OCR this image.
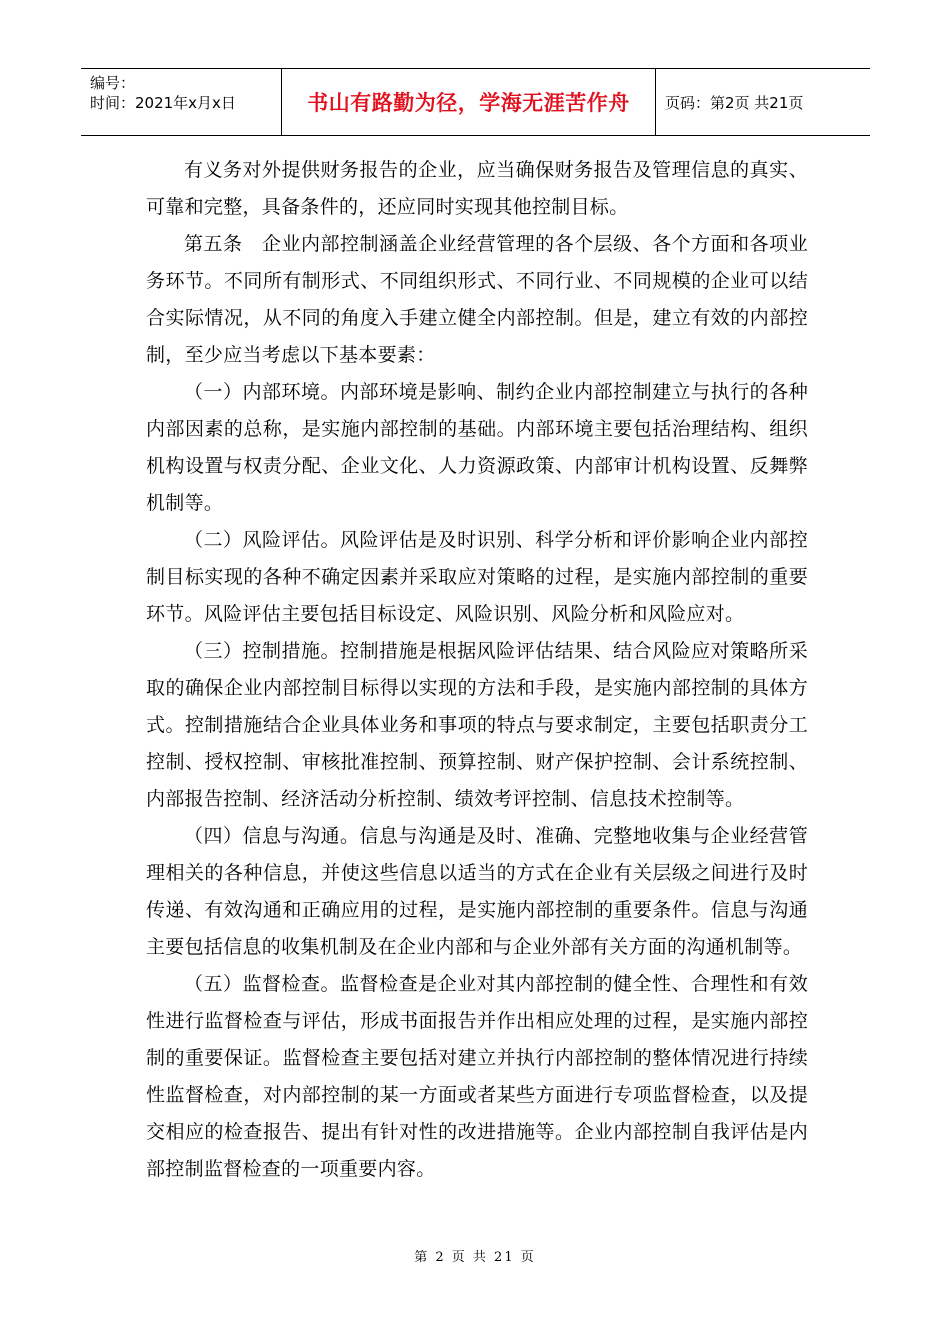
编号：
时间：2021年x月x日	书山有路勤为径，学海无涯苦作舟	页码：第2页 共21页

有义务对外提供财务报告的企业，应当确保财务报告及管理信息的真实、可靠和完整，具备条件的，还应同时实现其他控制目标。

第五条　企业内部控制涵盖企业经营管理的各个层级、各个方面和各项业务环节。不同所有制形式、不同组织形式、不同行业、不同规模的企业可以结合实际情况，从不同的角度入手建立健全内部控制。但是，建立有效的内部控制，至少应当考虑以下基本要素：

（一）内部环境。内部环境是影响、制约企业内部控制建立与执行的各种内部因素的总称，是实施内部控制的基础。内部环境主要包括治理结构、组织机构设置与权责分配、企业文化、人力资源政策、内部审计机构设置、反舞弊机制等。

（二）风险评估。风险评估是及时识别、科学分析和评价影响企业内部控制目标实现的各种不确定因素并采取应对策略的过程，是实施内部控制的重要环节。风险评估主要包括目标设定、风险识别、风险分析和风险应对。

（三）控制措施。控制措施是根据风险评估结果、结合风险应对策略所采取的确保企业内部控制目标得以实现的方法和手段，是实施内部控制的具体方式。控制措施结合企业具体业务和事项的特点与要求制定，主要包括职责分工控制、授权控制、审核批准控制、预算控制、财产保护控制、会计系统控制、内部报告控制、经济活动分析控制、绩效考评控制、信息技术控制等。

（四）信息与沟通。信息与沟通是及时、准确、完整地收集与企业经营管理相关的各种信息，并使这些信息以适当的方式在企业有关层级之间进行及时传递、有效沟通和正确应用的过程，是实施内部控制的重要条件。信息与沟通主要包括信息的收集机制及在企业内部和与企业外部有关方面的沟通机制等。

（五）监督检查。监督检查是企业对其内部控制的健全性、合理性和有效性进行监督检查与评估，形成书面报告并作出相应处理的过程，是实施内部控制的重要保证。监督检查主要包括对建立并执行内部控制的整体情况进行持续性监督检查，对内部控制的某一方面或者某些方面进行专项监督检查，以及提交相应的检查报告、提出有针对性的改进措施等。企业内部控制自我评估是内部控制监督检查的一项重要内容。

第 2 页 共 21 页
